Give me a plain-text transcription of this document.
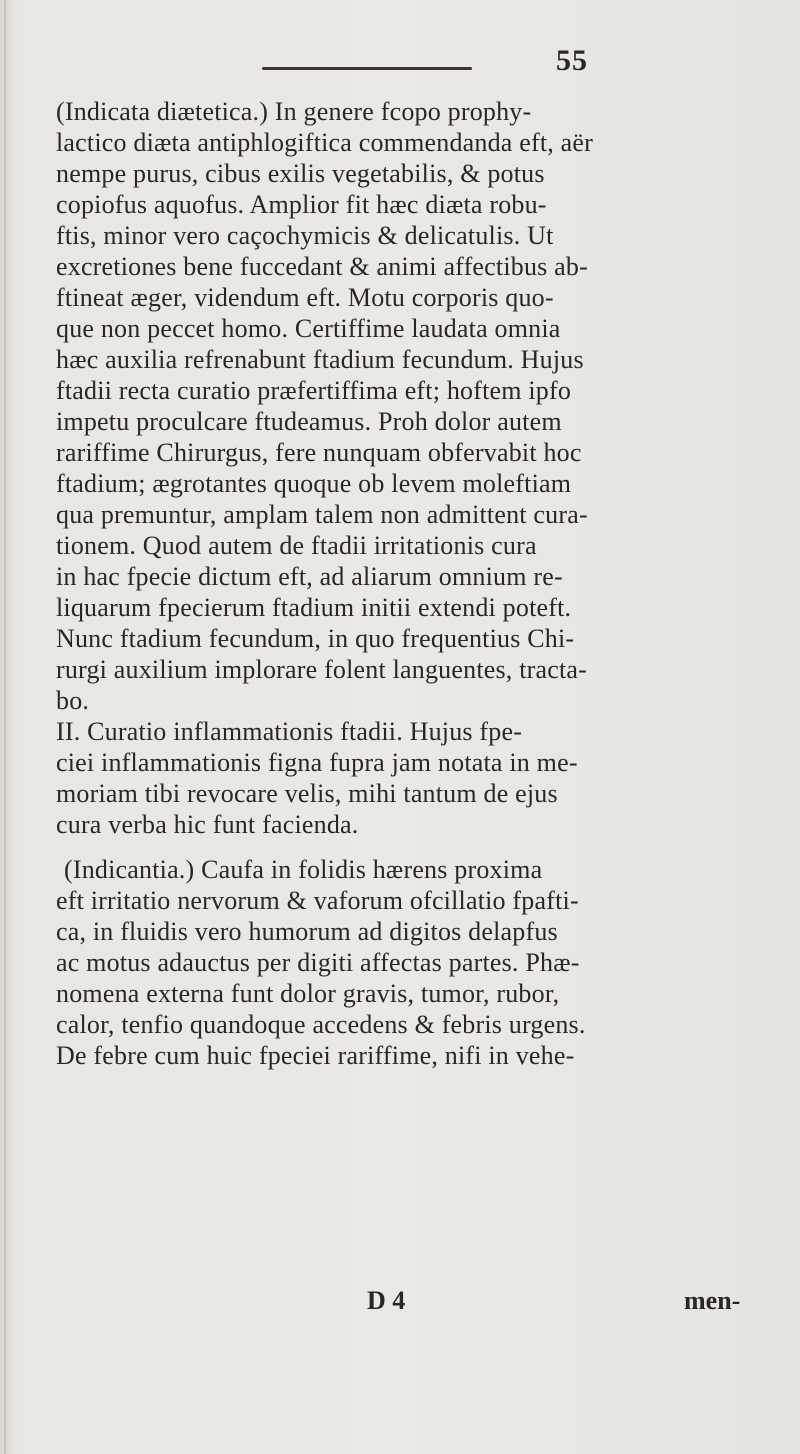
55
(Indicata diætetica.) In genere fcopo prophy-
lactico diæta antiphlogiftica commendanda eft, aër
nempe purus, cibus exilis vegetabilis, & potus
copiofus aquofus. Amplior fit hæc diæta robu-
ftis, minor vero caçochymicis & delicatulis. Ut
excretiones bene fuccedant & animi affectibus ab-
ftineat æger, videndum eft. Motu corporis quo-
que non peccet homo. Certiffime laudata omnia
hæc auxilia refrenabunt ftadium fecundum. Hujus
ftadii recta curatio præfertiffima eft; hoftem ipfo
impetu proculcare ftudeamus. Proh dolor autem
rariffime Chirurgus, fere nunquam obfervabit hoc
ftadium; ægrotantes quoque ob levem moleftiam
qua premuntur, amplam talem non admittent cura-
tionem. Quod autem de ftadii irritationis cura
in hac fpecie dictum eft, ad aliarum omnium re-
liquarum fpecierum ftadium initii extendi poteft.
Nunc ftadium fecundum, in quo frequentius Chi-
rurgi auxilium implorare folent languentes, tracta-
bo.
II. Curatio inflammationis ftadii. Hujus fpe-
ciei inflammationis figna fupra jam notata in me-
moriam tibi revocare velis, mihi tantum de ejus
cura verba hic funt facienda.
(Indicantia.) Caufa in folidis hærens proxima
eft irritatio nervorum & vaforum ofcillatio fpafti-
ca, in fluidis vero humorum ad digitos delapfus
ac motus adauctus per digiti affectas partes. Phæ-
nomena externa funt dolor gravis, tumor, rubor,
calor, tenfio quandoque accedens & febris urgens.
De febre cum huic fpeciei rariffime, nifi in vehe-
D 4	men-
